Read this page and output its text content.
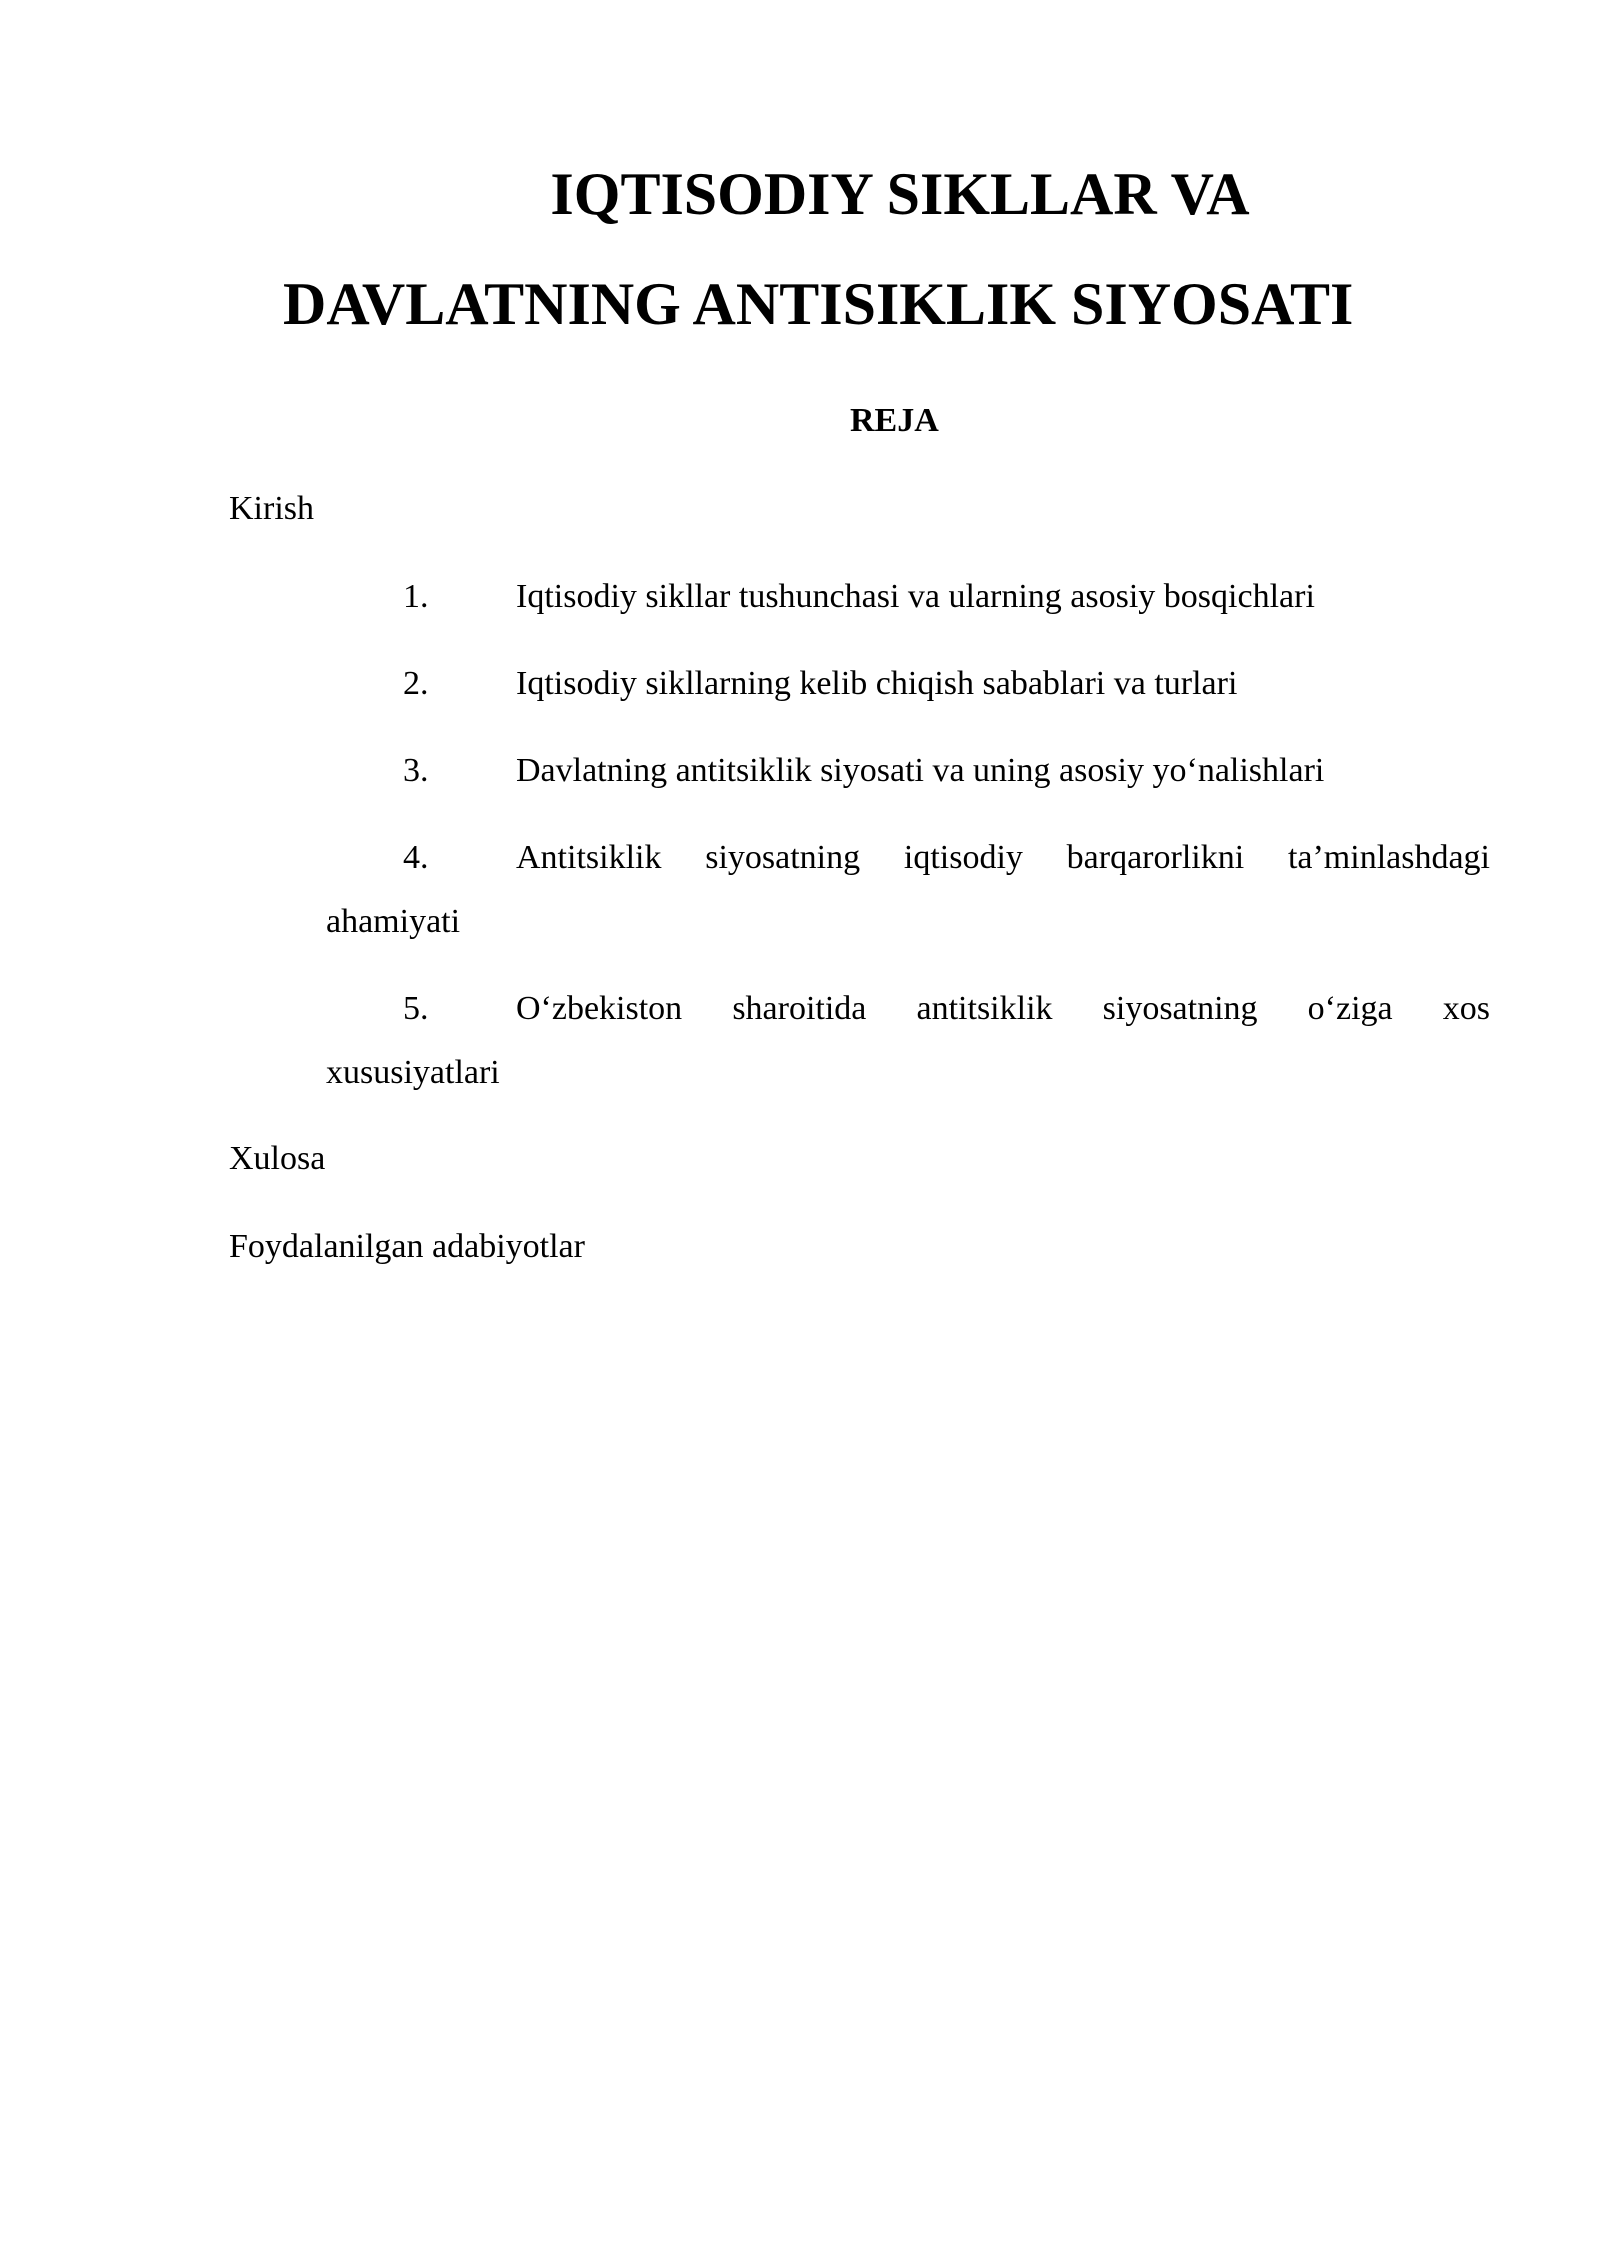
IQTISODIY SIKLLAR VA
DAVLATNING ANTISIKLIK SIYOSATI
REJA

Kirish

1.	Iqtisodiy sikllar tushunchasi va ularning asosiy bosqichlari
2.	Iqtisodiy sikllarning kelib chiqish sabablari va turlari
3.	Davlatning antitsiklik siyosati va uning asosiy yo‘nalishlari
4.	Antitsiklik siyosatning iqtisodiy barqarorlikni ta’minlashdagi
ahamiyati
5.	O‘zbekiston sharoitida antitsiklik siyosatning o‘ziga xos
xususiyatlari

Xulosa

Foydalanilgan adabiyotlar
